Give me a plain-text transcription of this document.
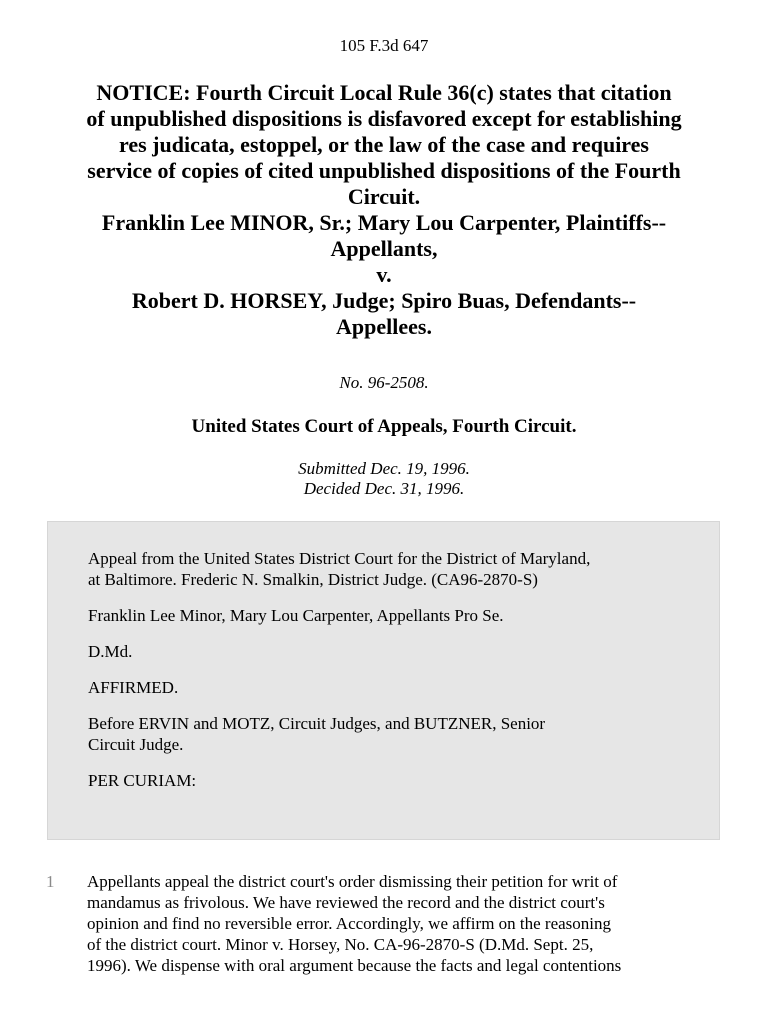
105 F.3d 647
NOTICE: Fourth Circuit Local Rule 36(c) states that citation
of unpublished dispositions is disfavored except for establishing
res judicata, estoppel, or the law of the case and requires
service of copies of cited unpublished dispositions of the Fourth
Circuit.
Franklin Lee MINOR, Sr.; Mary Lou Carpenter, Plaintiffs--
Appellants,
v.
Robert D. HORSEY, Judge; Spiro Buas, Defendants--
Appellees.
No. 96-2508.
United States Court of Appeals, Fourth Circuit.
Submitted Dec. 19, 1996.
Decided Dec. 31, 1996.

Appeal from the United States District Court for the District of Maryland,
at Baltimore. Frederic N. Smalkin, District Judge. (CA96-2870-S)

Franklin Lee Minor, Mary Lou Carpenter, Appellants Pro Se.

D.Md.

AFFIRMED.

Before ERVIN and MOTZ, Circuit Judges, and BUTZNER, Senior
Circuit Judge.

PER CURIAM:

1 Appellants appeal the district court's order dismissing their petition for writ of
mandamus as frivolous. We have reviewed the record and the district court's
opinion and find no reversible error. Accordingly, we affirm on the reasoning
of the district court. Minor v. Horsey, No. CA-96-2870-S (D.Md. Sept. 25,
1996). We dispense with oral argument because the facts and legal contentions
